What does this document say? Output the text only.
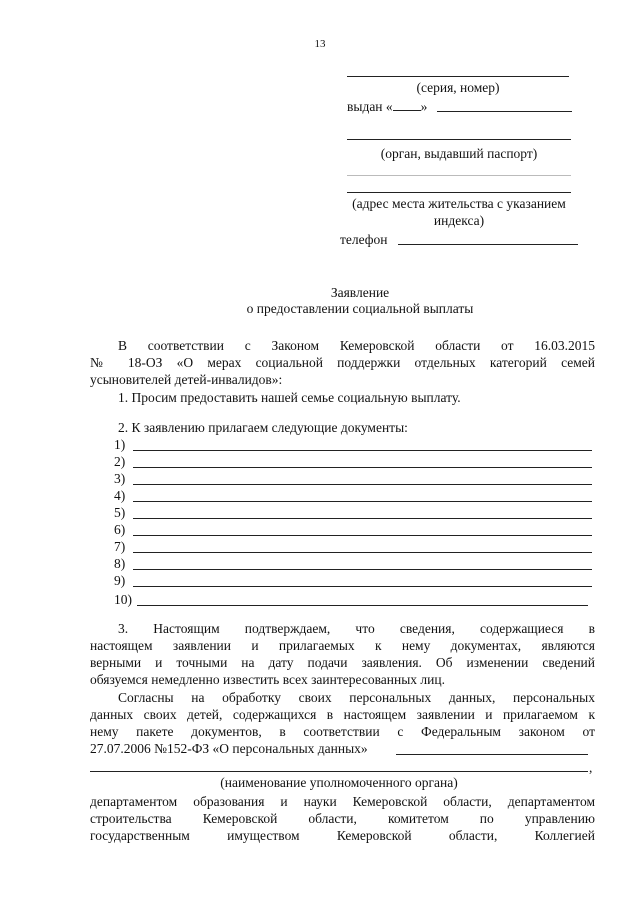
13
(серия, номер)
выдан « »
(орган, выдавший паспорт)
(адрес места жительства с указанием
индекса)
телефон
Заявление
о предоставлении социальной выплаты
В соответствии с Законом Кемеровской области от 16.03.2015
№ 18-ОЗ «О мерах социальной поддержки отдельных категорий семей
усыновителей детей-инвалидов»:
1. Просим предоставить нашей семье социальную выплату.
2. К заявлению прилагаем следующие документы:
1)
2)
3)
4)
5)
6)
7)
8)
9)
10)
3. Настоящим подтверждаем, что сведения, содержащиеся в
настоящем заявлении и прилагаемых к нему документах, являются
верными и точными на дату подачи заявления. Об изменении сведений
обязуемся немедленно известить всех заинтересованных лиц.
Согласны на обработку своих персональных данных, персональных
данных своих детей, содержащихся в настоящем заявлении и прилагаемом к
нему пакете документов, в соответствии с Федеральным законом от
27.07.2006 №152-ФЗ «О персональных данных»
,
(наименование уполномоченного органа)
департаментом образования и науки Кемеровской области, департаментом
строительства Кемеровской области, комитетом по управлению
государственным имуществом Кемеровской области, Коллегией
